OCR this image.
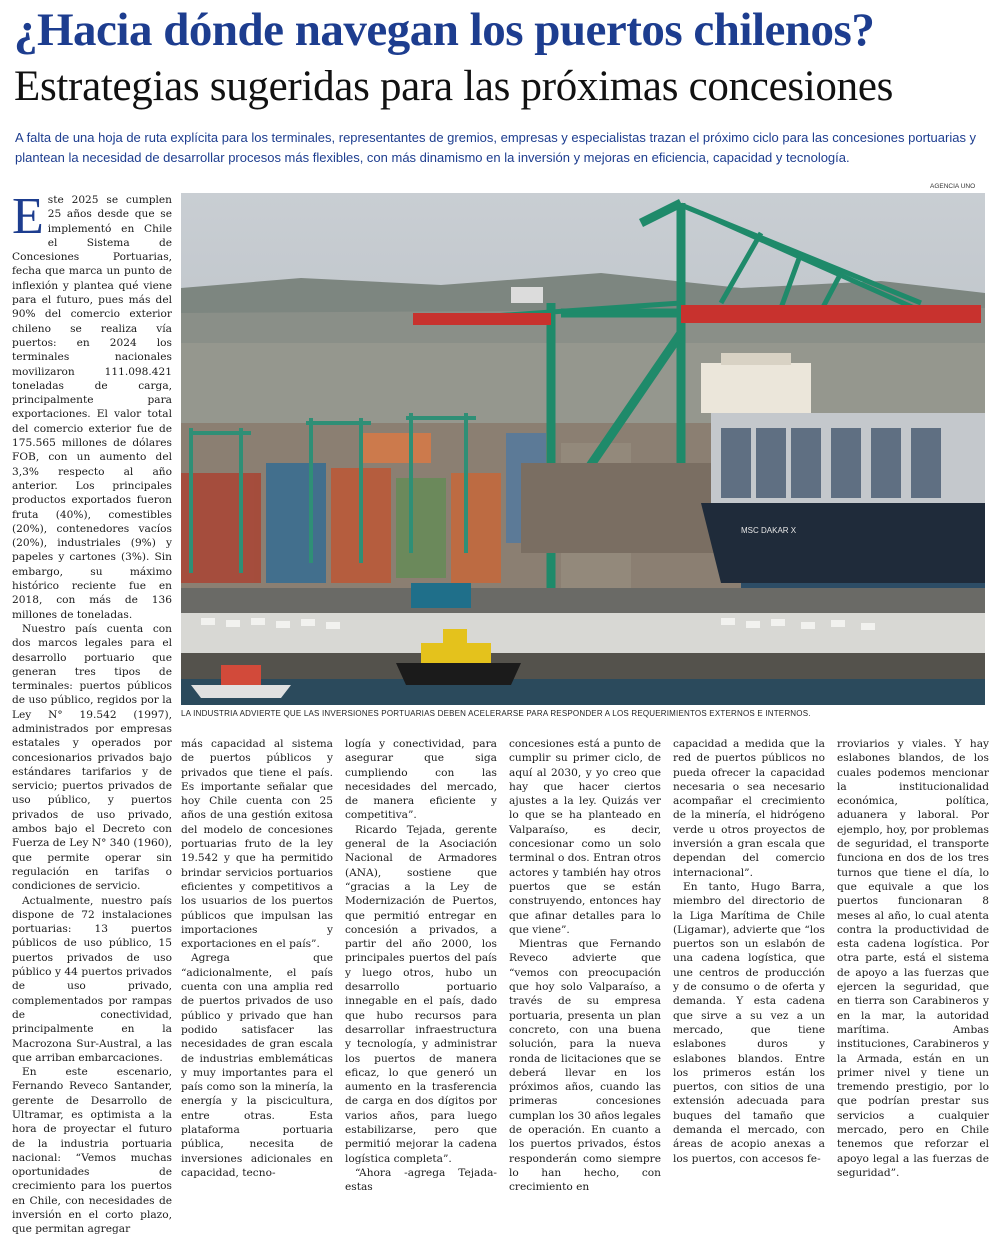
¿Hacia dónde navegan los puertos chilenos?
Estrategias sugeridas para las próximas concesiones
A falta de una hoja de ruta explícita para los terminales, representantes de gremios, empresas y especialistas trazan el próximo ciclo para las concesiones portuarias y plantean la necesidad de desarrollar procesos más flexibles, con más dinamismo en la inversión y mejoras en eficiencia, capacidad y tecnología.
AGENCIA UNO
MSC DAKAR X
LA INDUSTRIA ADVIERTE QUE LAS INVERSIONES PORTUARIAS DEBEN ACELERARSE PARA RESPONDER A LOS REQUERIMIENTOS EXTERNOS E INTERNOS.

Este 2025 se cumplen 25 años desde que se implementó en Chile el Sistema de Concesiones Portuarias, fecha que marca un punto de inflexión y plantea qué viene para el futuro, pues más del 90% del comercio exterior chileno se realiza vía puertos: en 2024 los terminales nacionales movilizaron 111.098.421 toneladas de carga, principalmente para exportaciones. El valor total del comercio exterior fue de 175.565 millones de dólares FOB, con un aumento del 3,3% respecto al año anterior. Los principales productos exportados fueron fruta (40%), comestibles (20%), contenedores vacíos (20%), industriales (9%) y papeles y cartones (3%). Sin embargo, su máximo histórico reciente fue en 2018, con más de 136 millones de toneladas.

Nuestro país cuenta con dos marcos legales para el desarrollo portuario que generan tres tipos de terminales: puertos públicos de uso público, regidos por la Ley N° 19.542 (1997), administrados por empresas estatales y operados por concesionarios privados bajo estándares tarifarios y de servicio; puertos privados de uso público, y puertos privados de uso privado, ambos bajo el Decreto con Fuerza de Ley N° 340 (1960), que permite operar sin regulación en tarifas o condiciones de servicio.

Actualmente, nuestro país dispone de 72 instalaciones portuarias: 13 puertos públicos de uso público, 15 puertos privados de uso público y 44 puertos privados de uso privado, complementados por rampas de conectividad, principalmente en la Macrozona Sur-Austral, a las que arriban embarcaciones.

En este escenario, Fernando Reveco Santander, gerente de Desarrollo de Ultramar, es optimista a la hora de proyectar el futuro de la industria portuaria nacional: “Vemos muchas oportunidades de crecimiento para los puertos en Chile, con necesidades de inversión en el corto plazo, que permitan agregar

más capacidad al sistema de puertos públicos y privados que tiene el país. Es importante señalar que hoy Chile cuenta con 25 años de una gestión exitosa del modelo de concesiones portuarias fruto de la ley 19.542 y que ha permitido brindar servicios portuarios eficientes y competitivos a los usuarios de los puertos públicos que impulsan las importaciones y exportaciones en el país”.

Agrega que “adicionalmente, el país cuenta con una amplia red de puertos privados de uso público y privado que han podido satisfacer las necesidades de gran escala de industrias emblemáticas y muy importantes para el país como son la minería, la energía y la piscicultura, entre otras. Esta plataforma portuaria pública, necesita de inversiones adicionales en capacidad, tecno-

logía y conectividad, para asegurar que siga cumpliendo con las necesidades del mercado, de manera eficiente y competitiva”.

Ricardo Tejada, gerente general de la Asociación Nacional de Armadores (ANA), sostiene que “gracias a la Ley de Modernización de Puertos, que permitió entregar en concesión a privados, a partir del año 2000, los principales puertos del país y luego otros, hubo un desarrollo portuario innegable en el país, dado que hubo recursos para desarrollar infraestructura y tecnología, y administrar los puertos de manera eficaz, lo que generó un aumento en la trasferencia de carga en dos dígitos por varios años, para luego estabilizarse, pero que permitió mejorar la cadena logística completa”.

“Ahora -agrega Tejada- estas

concesiones está a punto de cumplir su primer ciclo, de aquí al 2030, y yo creo que hay que hacer ciertos ajustes a la ley. Quizás ver lo que se ha planteado en Valparaíso, es decir, concesionar como un solo terminal o dos. Entran otros actores y también hay otros puertos que se están construyendo, entonces hay que afinar detalles para lo que viene”.

Mientras que Fernando Reveco advierte que “vemos con preocupación que hoy solo Valparaíso, a través de su empresa portuaria, presenta un plan concreto, con una buena solución, para la nueva ronda de licitaciones que se deberá llevar en los próximos años, cuando las primeras concesiones cumplan los 30 años legales de operación. En cuanto a los puertos privados, éstos responderán como siempre lo han hecho, con crecimiento en

capacidad a medida que la red de puertos públicos no pueda ofrecer la capacidad necesaria o sea necesario acompañar el crecimiento de la minería, el hidrógeno verde u otros proyectos de inversión a gran escala que dependan del comercio internacional”.

En tanto, Hugo Barra, miembro del directorio de la Liga Marítima de Chile (Ligamar), advierte que “los puertos son un eslabón de una cadena logística, que une centros de producción y de consumo o de oferta y demanda. Y esta cadena que sirve a su vez a un mercado, que tiene eslabones duros y eslabones blandos. Entre los primeros están los puertos, con sitios de una extensión adecuada para buques del tamaño que demanda el mercado, con áreas de acopio anexas a los puertos, con accesos fe-

rroviarios y viales. Y hay eslabones blandos, de los cuales podemos mencionar la institucionalidad económica, política, aduanera y laboral. Por ejemplo, hoy, por problemas de seguridad, el transporte funciona en dos de los tres turnos que tiene el día, lo que equivale a que los puertos funcionaran 8 meses al año, lo cual atenta contra la productividad de esta cadena logística. Por otra parte, está el sistema de apoyo a las fuerzas que ejercen la seguridad, que en tierra son Carabineros y en la mar, la autoridad marítima. Ambas instituciones, Carabineros y la Armada, están en un primer nivel y tiene un tremendo prestigio, por lo que podrían prestar sus servicios a cualquier mercado, pero en Chile tenemos que reforzar el apoyo legal a las fuerzas de seguridad”.
